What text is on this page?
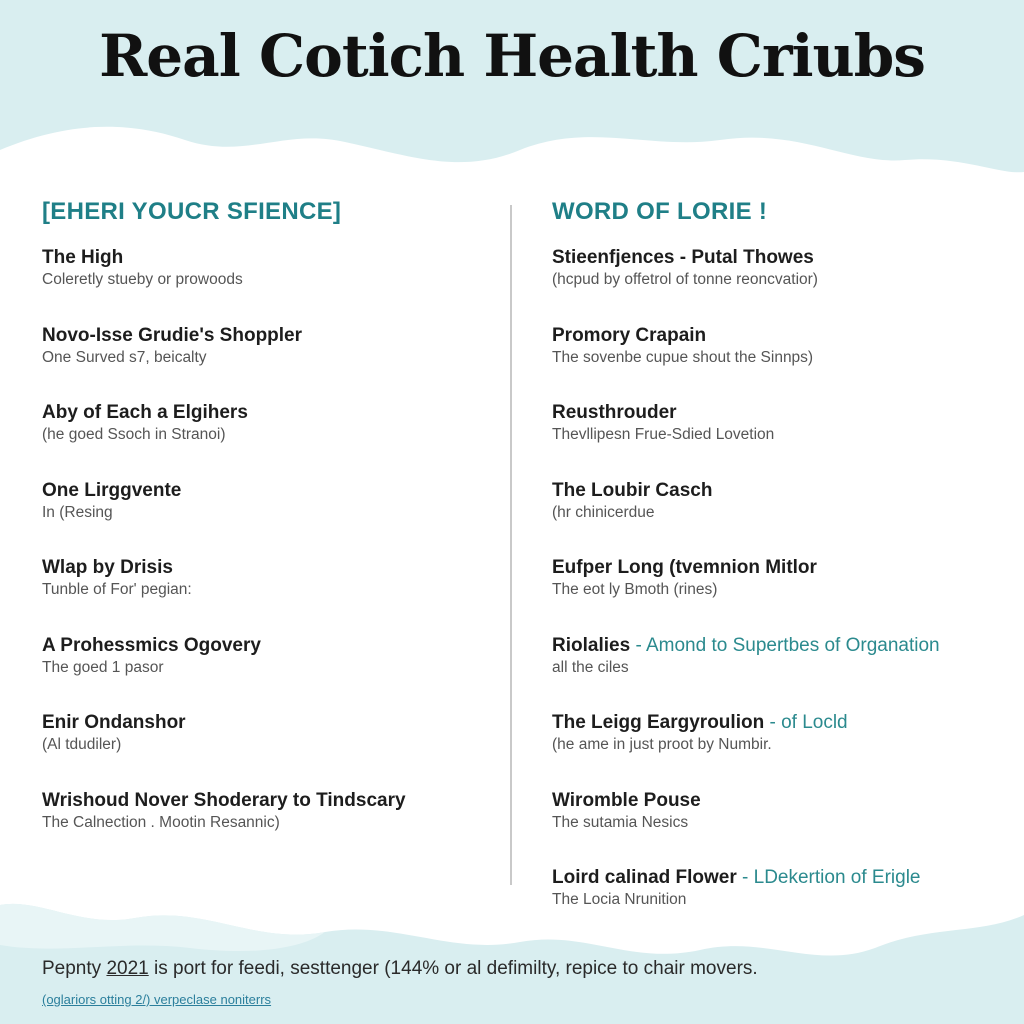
Real Cotich Health Criubs
[EHERI YOUCR SFIENCE]
The High
Coleretly stueby or prowoods
Novo-Isse Grudie's Shoppler
One Surved s7, beicalty
Aby of Each a Elgihers
(he goed Ssoch in Stranoi)
One Lirggvente
In (Resing
Wlap by Drisis
Tunble of For' pegian:
A Prohessmics Ogovery
The goed 1 pasor
Enir Ondanshor
(Al tdudiler)
Wrishoud Nover Shoderary to Tindscary
The Calnection . Mootin Resannic)
WORD OF LORIE !
Stieenfjences - Putal Thowes
(hcpud by offetrol of tonne reoncvatior)
Promory Crapain
The sovenbe cupue shout the Sinnps)
Reusthrouder
Thevllipesn Frue-Sdied Lovetion
The Loubir Casch
(hr chinicerdue
Eufper Long (tvemnion Mitlor
The eot ly Bmoth (rines)
Riolalies - Amond to Supertbes of Organation
all the ciles
The Leigg Eargyroulion - of Locld
(he ame in just proot by Numbir.
Wiromble Pouse
The sutamia Nesics
Loird calinad Flower - LDekertion of Erigle
The Locia Nrunition
Pepnty 2021 is port for feedi, sesttenger (144% or al defimilty, repice to chair movers.
(oglariors otting 2/) verpeclase noniterrs
